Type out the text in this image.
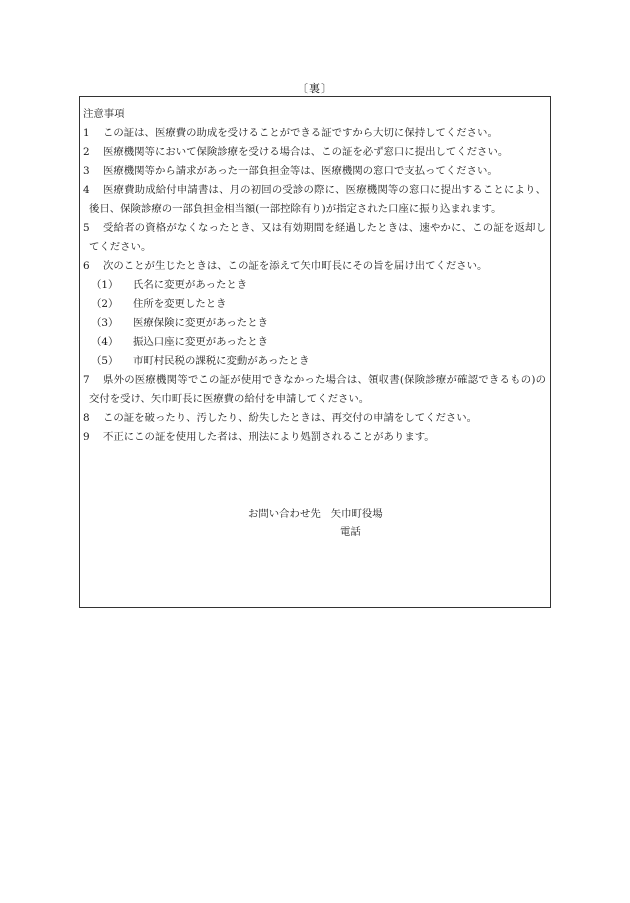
〔裏〕
注意事項
1	この証は、医療費の助成を受けることができる証ですから大切に保持してください。
2	医療機関等において保険診療を受ける場合は、この証を必ず窓口に提出してください。
3	医療機関等から請求があった一部負担金等は、医療機関の窓口で支払ってください。
4	医療費助成給付申請書は、月の初回の受診の際に、医療機関等の窓口に提出することにより、後日、保険診療の一部負担金相当額(一部控除有り)が指定された口座に振り込まれます。
5	受給者の資格がなくなったとき、又は有効期間を経過したときは、速やかに、この証を返却してください。
6	次のことが生じたときは、この証を添えて矢巾町長にその旨を届け出てください。
（1）	氏名に変更があったとき
（2）	住所を変更したとき
（3）	医療保険に変更があったとき
（4）	振込口座に変更があったとき
（5）	市町村民税の課税に変動があったとき
7	県外の医療機関等でこの証が使用できなかった場合は、領収書(保険診療が確認できるもの)の交付を受け、矢巾町長に医療費の給付を申請してください。
8	この証を破ったり、汚したり、紛失したときは、再交付の申請をしてください。
9	不正にこの証を使用した者は、刑法により処罰されることがあります。
お問い合わせ先 矢巾町役場
電話
